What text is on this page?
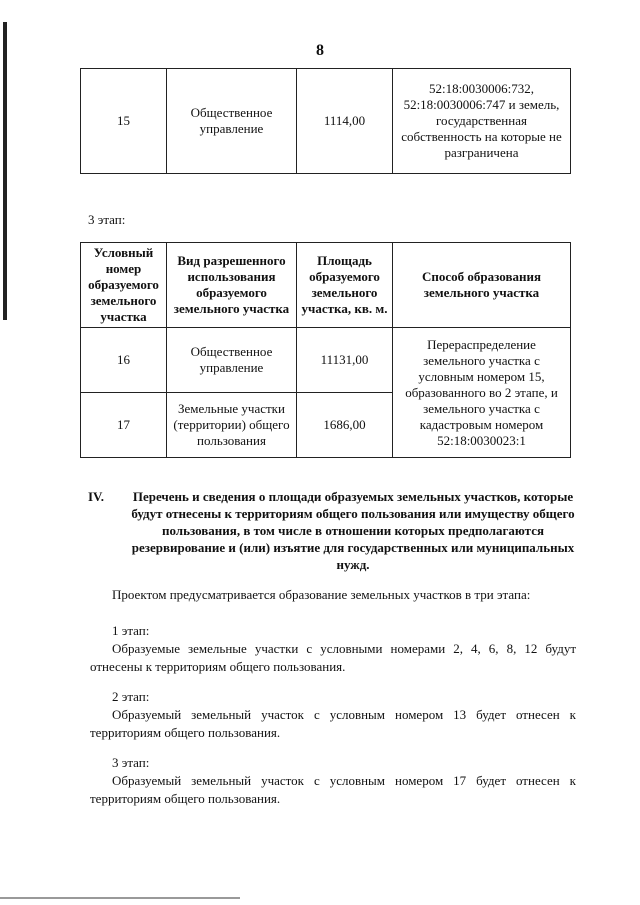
8
15	Общественное управление	1114,00	52:18:0030006:732, 52:18:0030006:747 и земель, государственная собственность на которые не разграничена
3 этап:
Условный номер образуемого земельного участка	Вид разрешенного использования образуемого земельного участка	Площадь образуемого земельного участка, кв. м.	Способ образования земельного участка
16	Общественное управление	11131,00	Перераспределение земельного участка с условным номером 15, образованного во 2 этапе, и земельного участка с кадастровым номером 52:18:0030023:1
17	Земельные участки (территории) общего пользования	1686,00	
IV.	Перечень и сведения о площади образуемых земельных участков, которые будут отнесены к территориям общего пользования или имуществу общего пользования, в том числе в отношении которых предполагаются резервирование и (или) изъятие для государственных или муниципальных нужд.
Проектом предусматривается образование земельных участков в три этапа:
1 этап:
Образуемые земельные участки с условными номерами 2, 4, 6, 8, 12 будут отнесены к территориям общего пользования.
2 этап:
Образуемый земельный участок с условным номером 13 будет отнесен к территориям общего пользования.
3 этап:
Образуемый земельный участок с условным номером 17 будет отнесен к территориям общего пользования.
